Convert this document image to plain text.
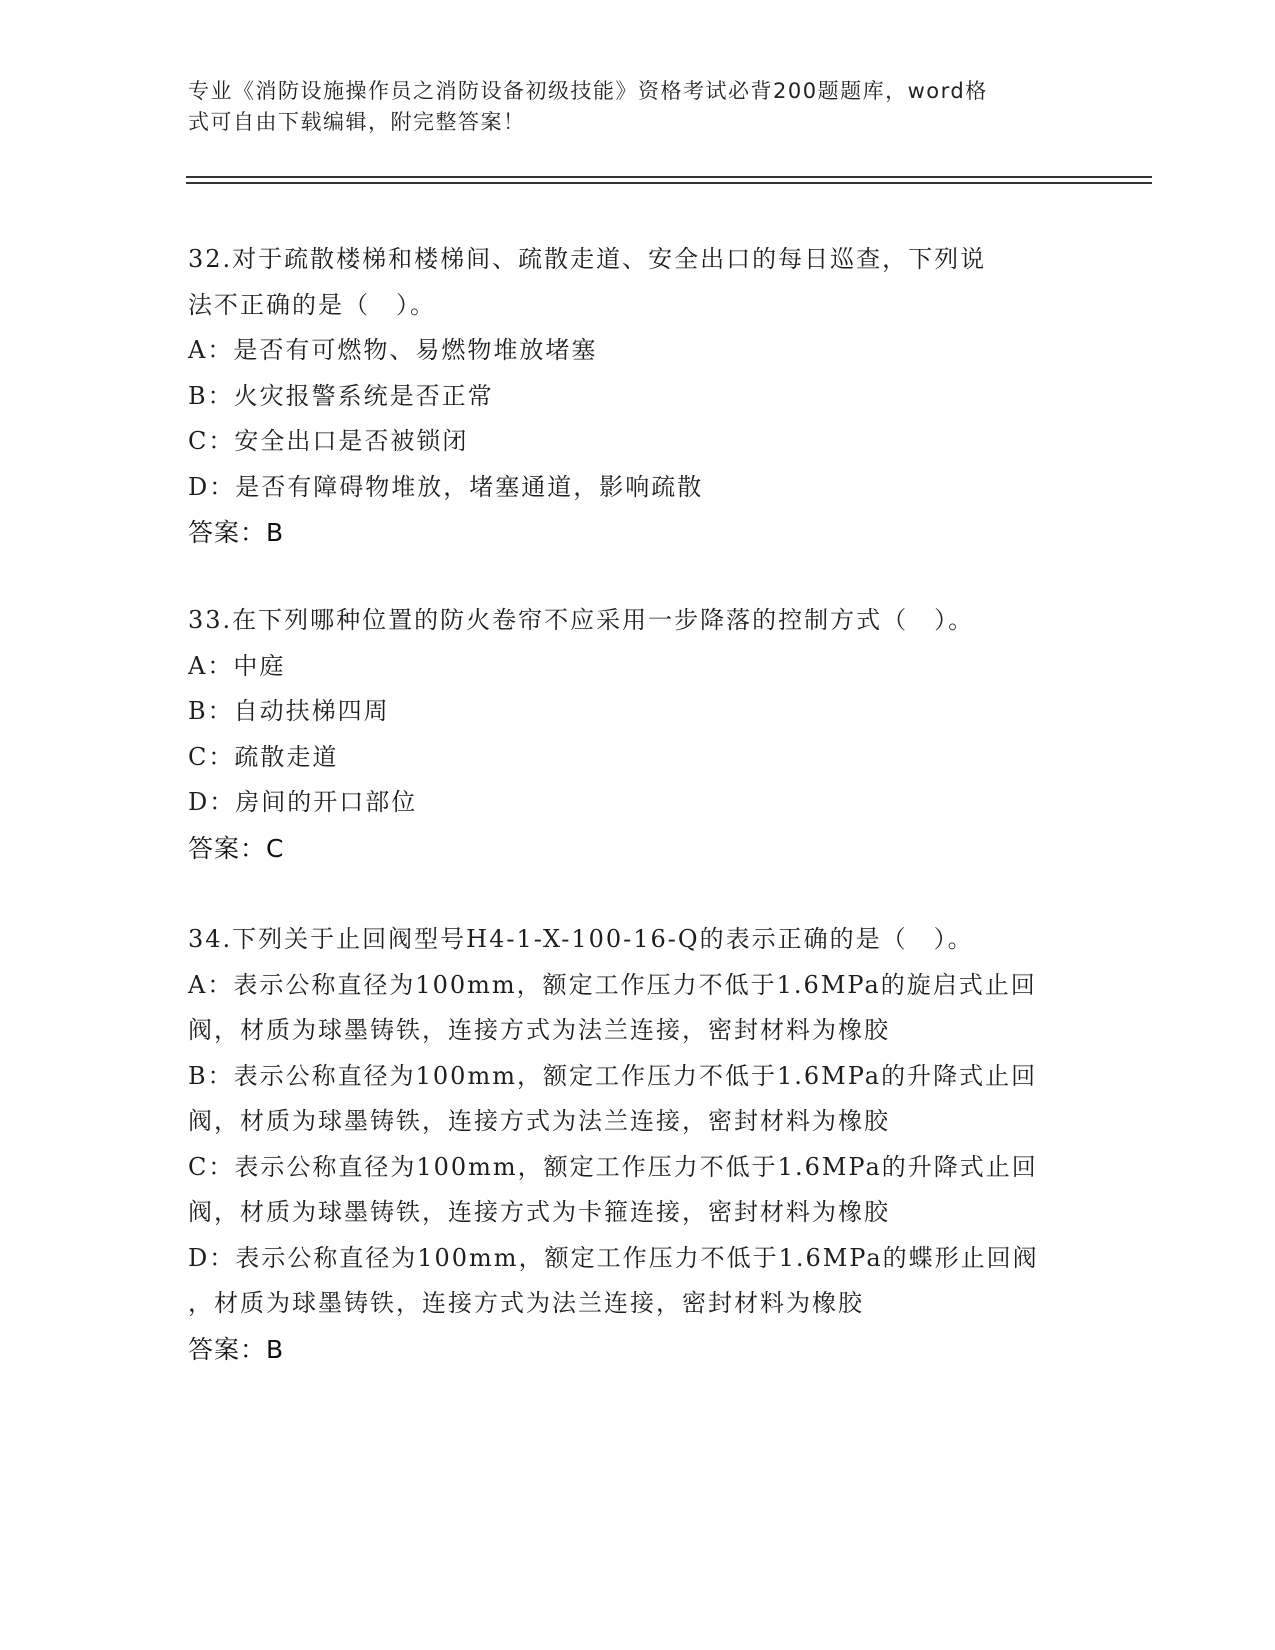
专业《消防设施操作员之消防设备初级技能》资格考试必背200题题库，word格
式可自由下载编辑，附完整答案！
32.对于疏散楼梯和楼梯间、疏散走道、安全出口的每日巡查，下列说
法不正确的是（　）。
A：是否有可燃物、易燃物堆放堵塞
B：火灾报警系统是否正常
C：安全出口是否被锁闭
D：是否有障碍物堆放，堵塞通道，影响疏散
答案：B
33.在下列哪种位置的防火卷帘不应采用一步降落的控制方式（　）。
A：中庭
B：自动扶梯四周
C：疏散走道
D：房间的开口部位
答案：C
34.下列关于止回阀型号H4-1-X-100-16-Q的表示正确的是（　）。
A：表示公称直径为100mm，额定工作压力不低于1.6MPa的旋启式止回
阀，材质为球墨铸铁，连接方式为法兰连接，密封材料为橡胶
B：表示公称直径为100mm，额定工作压力不低于1.6MPa的升降式止回
阀，材质为球墨铸铁，连接方式为法兰连接，密封材料为橡胶
C：表示公称直径为100mm，额定工作压力不低于1.6MPa的升降式止回
阀，材质为球墨铸铁，连接方式为卡箍连接，密封材料为橡胶
D：表示公称直径为100mm，额定工作压力不低于1.6MPa的蝶形止回阀
，材质为球墨铸铁，连接方式为法兰连接，密封材料为橡胶
答案：B
